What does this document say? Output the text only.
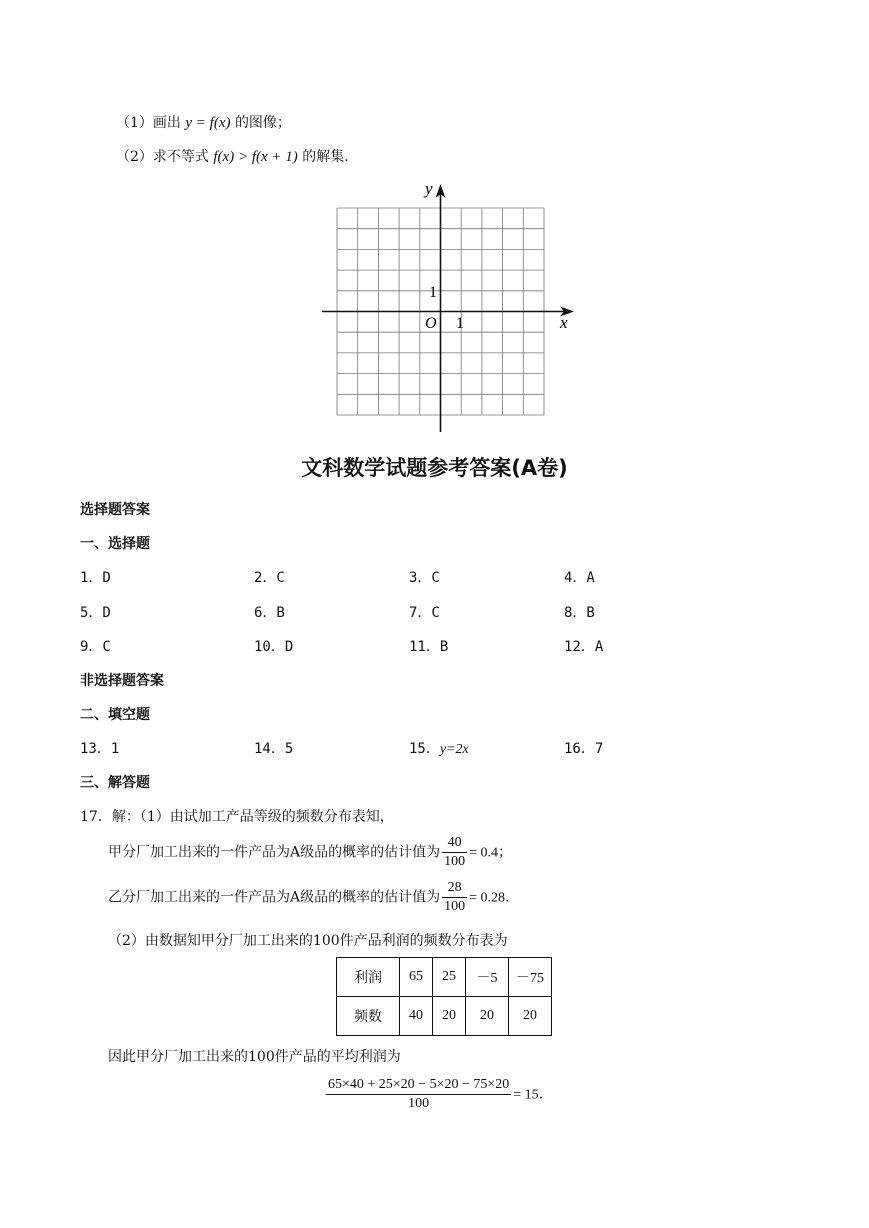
（1）画出 y = f(x) 的图像；
（2）求不等式 f(x) > f(x + 1) 的解集.
y
x
O 1
1
文科数学试题参考答案(A卷)
选择题答案
一、选择题
1．D	2．C	3．C	4．A
5．D	6．B	7．C	8．B
9．C	10．D	11．B	12．A
非选择题答案
二、填空题
13．1	14．5	15．y=2x	16．7
三、解答题
17．解：（1）由试加工产品等级的频数分布表知，
甲分厂加工出来的一件产品为A级品的概率的估计值为 $\frac{40}{100} = 0.4$；
乙分厂加工出来的一件产品为A级品的概率的估计值为 $\frac{28}{100} = 0.28$.
（2）由数据知甲分厂加工出来的100件产品利润的频数分布表为
利润	65	25	－5	－75
频数	40	20	20	20
因此甲分厂加工出来的100件产品的平均利润为
$\frac{65\times 40 + 25\times 20 - 5\times 20 - 75\times 20}{100} = 15$.
